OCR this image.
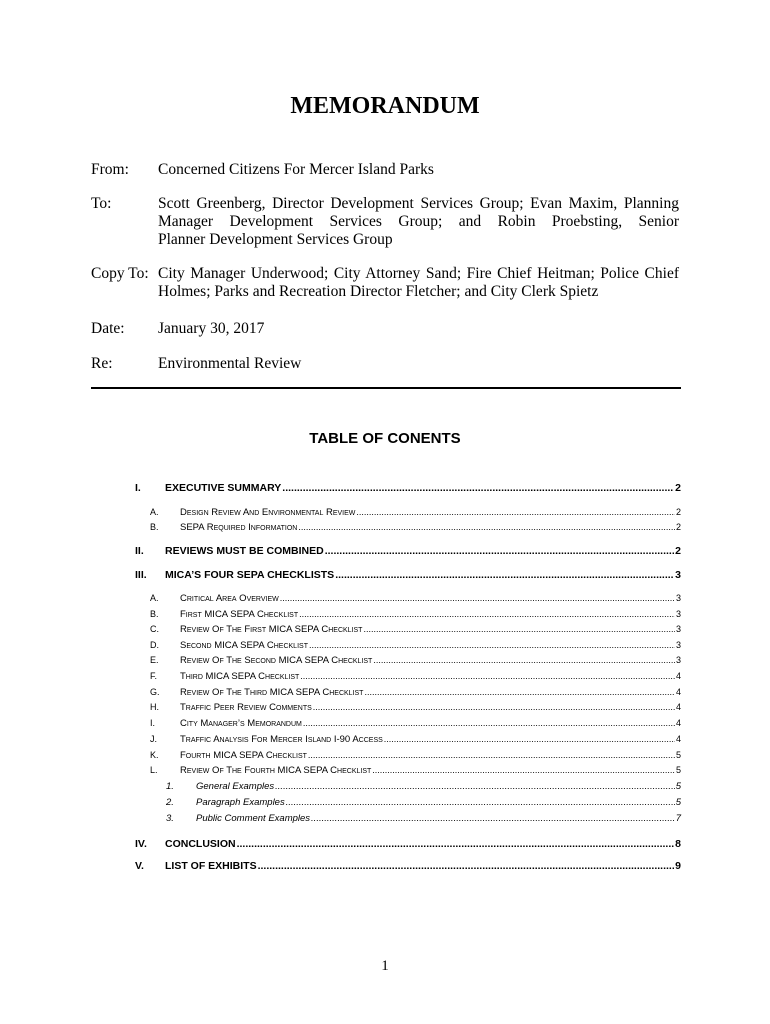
MEMORANDUM
From: Concerned Citizens For Mercer Island Parks
To:	Scott Greenberg, Director Development Services Group; Evan Maxim, Planning
Manager Development Services Group; and Robin Proebsting, Senior
Planner Development Services Group
Copy To: City Manager Underwood; City Attorney Sand; Fire Chief Heitman; Police Chief
Holmes; Parks and Recreation Director Fletcher; and City Clerk Spietz
Date: January 30, 2017
Re:	Environmental Review
TABLE OF CONENTS
I. EXECUTIVE SUMMARY .....	2
A. Design Review And Environmental Review .....	2
B. SEPA Required Information .....	2
II. REVIEWS MUST BE COMBINED .....	2
III. MICA’S FOUR SEPA CHECKLISTS .....	3
A. Critical Area Overview .....	3
B. First MICA SEPA Checklist .....	3
C. Review Of The First MICA SEPA Checklist .....	3
D. Second MICA SEPA Checklist .....	3
E. Review Of The Second MICA SEPA Checklist .....	3
F. Third MICA SEPA Checklist .....	4
G. Review Of The Third MICA SEPA Checklist .....	4
H. Traffic Peer Review Comments .....	4
I.	City Manager’s Memorandum .....	4
J. Traffic Analysis For Mercer Island I-90 Access .....	4
K. Fourth MICA SEPA Checklist .....	5
L. Review Of The Fourth MICA SEPA Checklist .....	5
1. General Examples .....	5
2. Paragraph Examples .....	5
3. Public Comment Examples .....	7
IV. CONCLUSION .....	8
V. LIST OF EXHIBITS .....	9
1
